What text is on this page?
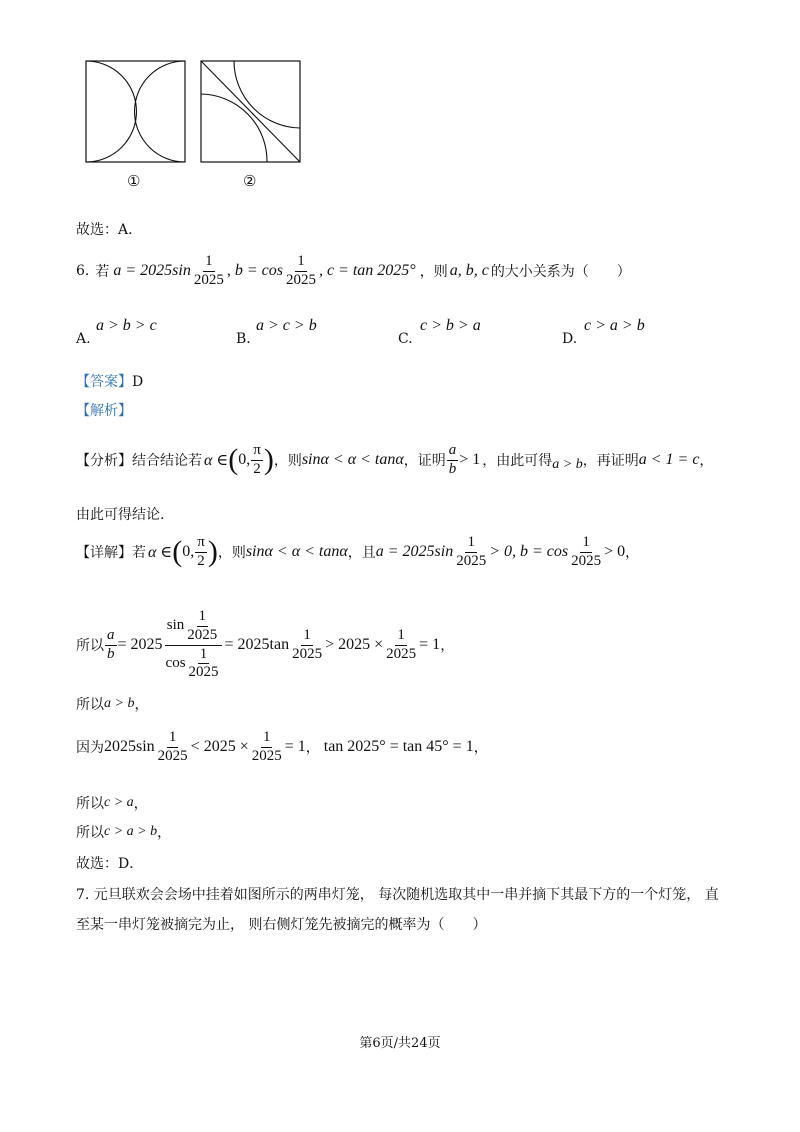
①	②
故选：A．
6. 若 $a = 2025\sin \frac{1}{2025}$ , $b = \cos \frac{1}{2025}$ , c = tan 2025° ，则 a, b, c 的大小关系为（　　）
A.
a > b > c
B.
a > c > b
C.
c > b > a
D.
c > a > b
【答案】D
【解析】
【分析】 结合结论若 α ∈ ( 0, $\frac{\pi}{2}$ ) ，则 sinα < α < tanα ，证明 $\frac{a}{b} > 1$ ，由此可得 a > b ，再证明 a < 1 = c ，
由此可得结论.
【详解】 若 α ∈ ( 0, $\frac{\pi}{2}$ ) ，则 sinα < α < tanα ，且 $a = 2025\sin \frac{1}{2025} > 0$, $b = \cos \frac{1}{2025} > 0$ ，
所以 $\frac{a}{b} = 2025 \frac{\sin \frac{1}{2025}}{\cos \frac{1}{2025}} = 2025\tan \frac{1}{2025} > 2025 \times \frac{1}{2025} = 1$ ，
所以 a > b ，
因为 $2025\sin \frac{1}{2025} < 2025 \times \frac{1}{2025} = 1$ ， tan 2025° = tan 45° = 1 ，
所以 c > a ，
所以 c > a > b ，
故选：D．
7. 元旦联欢会会场中挂着如图所示的两串灯笼， 每次随机选取其中一串并摘下其最下方的一个灯笼， 直
至某一串灯笼被摘完为止， 则右侧灯笼先被摘完的概率为（　　）
第6页/共24页
